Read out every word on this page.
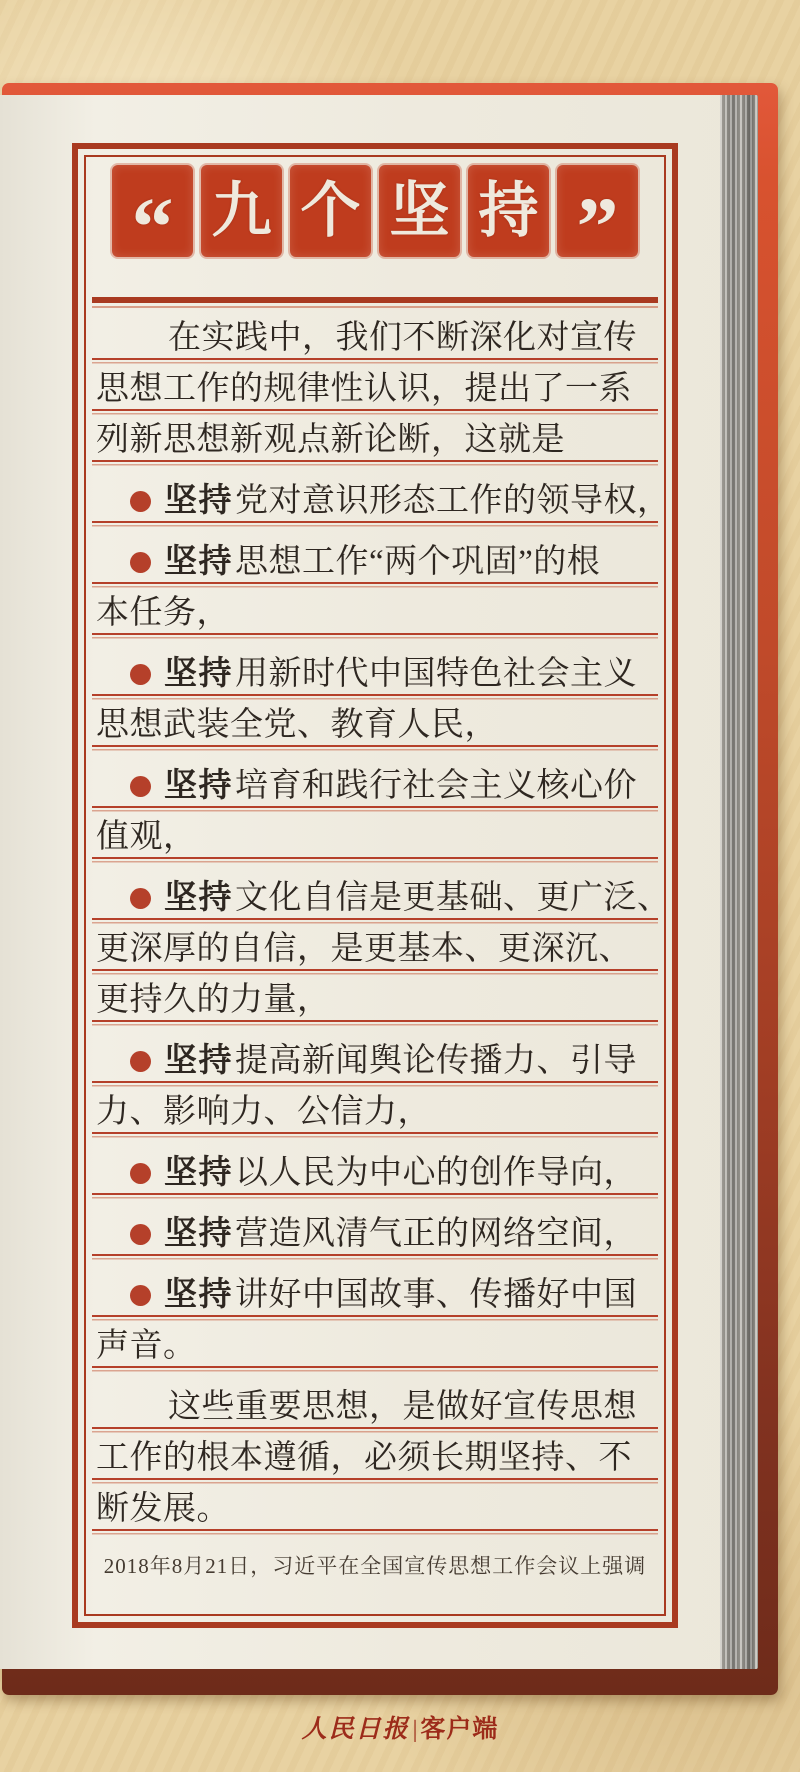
“ 九 个 坚 持 ”
在实践中，我们不断深化对宣传
思想工作的规律性认识，提出了一系
列新思想新观点新论断，这就是
坚持党对意识形态工作的领导权，
坚持思想工作“两个巩固”的根
本任务，
坚持用新时代中国特色社会主义
思想武装全党、教育人民，
坚持培育和践行社会主义核心价
值观，
坚持文化自信是更基础、更广泛、
更深厚的自信，是更基本、更深沉、
更持久的力量，
坚持提高新闻舆论传播力、引导
力、影响力、公信力，
坚持以人民为中心的创作导向，
坚持营造风清气正的网络空间，
坚持讲好中国故事、传播好中国
声音。
这些重要思想，是做好宣传思想
工作的根本遵循，必须长期坚持、不
断发展。
2018年8月21日，习近平在全国宣传思想工作会议上强调
人民日报 | 客户端
